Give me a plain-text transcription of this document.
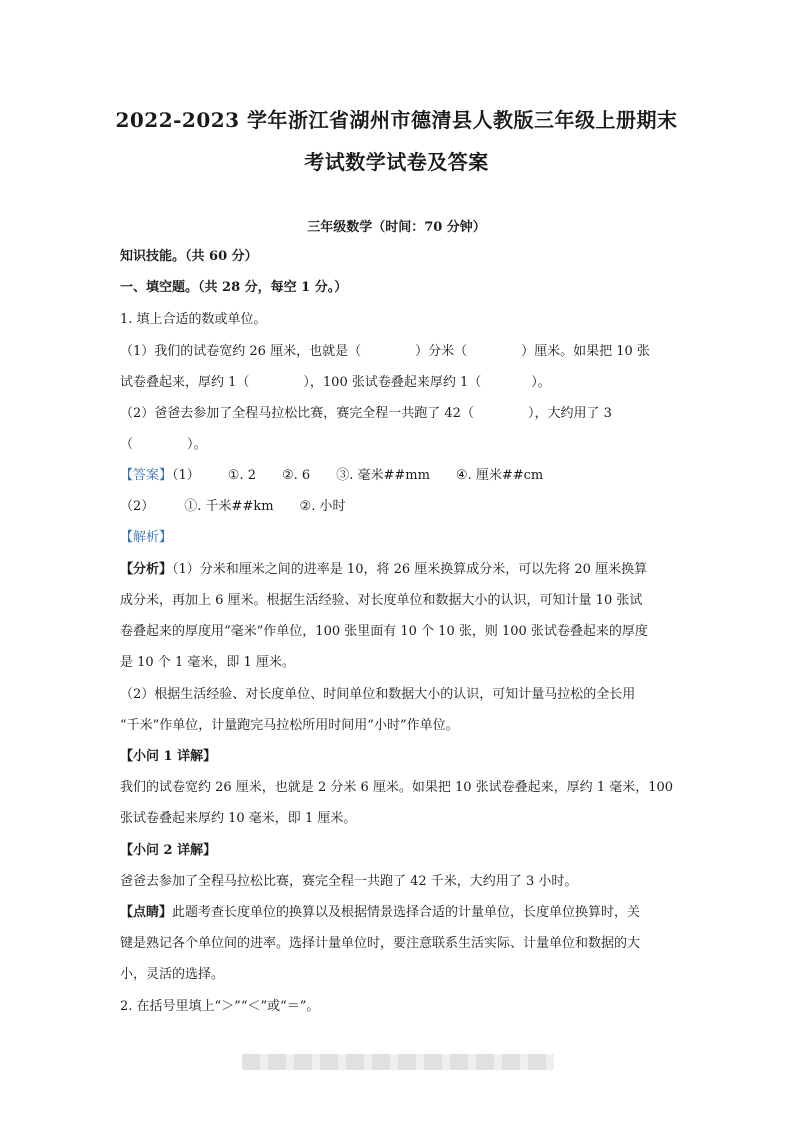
2022-2023 学年浙江省湖州市德清县人教版三年级上册期末
考试数学试卷及答案
三年级数学（时间：70 分钟）
知识技能。（共 60 分）
一、填空题。（共 28 分，每空 1 分。）
1. 填上合适的数或单位。
（1）我们的试卷宽约 26 厘米，也就是（	）分米（	）厘米。如果把 10 张
试卷叠起来，厚约 1（	），100 张试卷叠起来厚约 1（	）。
（2）爸爸去参加了全程马拉松比赛，赛完全程一共跑了 42（	），大约用了 3
（	）。
【答案】（1） ①. 2 ②. 6 ③. 毫米##mm ④. 厘米##cm
（2） ①. 千米##km ②. 小时
【解析】
【分析】（1）分米和厘米之间的进率是 10，将 26 厘米换算成分米，可以先将 20 厘米换算
成分米，再加上 6 厘米。根据生活经验、对长度单位和数据大小的认识，可知计量 10 张试
卷叠起来的厚度用“毫米”作单位，100 张里面有 10 个 10 张，则 100 张试卷叠起来的厚度
是 10 个 1 毫米，即 1 厘米。
（2）根据生活经验、对长度单位、时间单位和数据大小的认识，可知计量马拉松的全长用
“千米”作单位，计量跑完马拉松所用时间用“小时”作单位。
【小问 1 详解】
我们的试卷宽约 26 厘米，也就是 2 分米 6 厘米。如果把 10 张试卷叠起来，厚约 1 毫米，100
张试卷叠起来厚约 10 毫米，即 1 厘米。
【小问 2 详解】
爸爸去参加了全程马拉松比赛，赛完全程一共跑了 42 千米，大约用了 3 小时。
【点睛】此题考查长度单位的换算以及根据情景选择合适的计量单位，长度单位换算时，关
键是熟记各个单位间的进率。选择计量单位时，要注意联系生活实际、计量单位和数据的大
小，灵活的选择。
2. 在括号里填上“＞”“＜”或“＝”。
